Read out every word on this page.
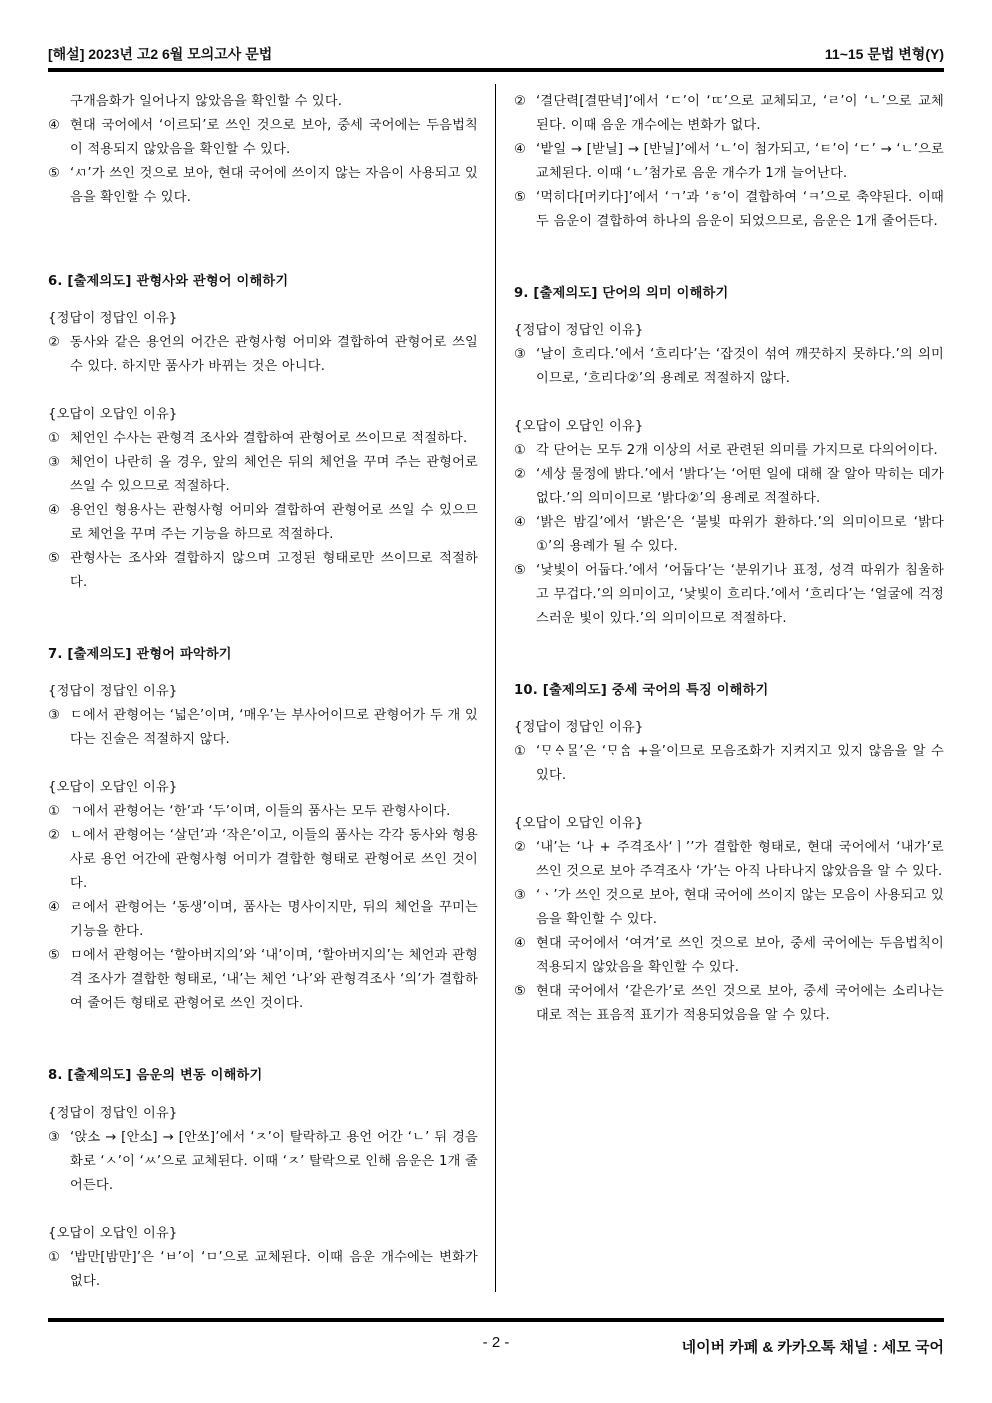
[해설] 2023년 고2 6월 모의고사 문법	11~15 문법 변형(Y)

구개음화가 일어나지 않았음을 확인할 수 있다.

④ 현대 국어에서 ‘이르되’로 쓰인 것으로 보아, 중세 국어에는 두음법칙이 적용되지 않았음을 확인할 수 있다.
⑤ ‘ㅺ’가 쓰인 것으로 보아, 현대 국어에 쓰이지 않는 자음이 사용되고 있음을 확인할 수 있다.

6. [출제의도] 관형사와 관형어 이해하기

{정답이 정답인 이유}

② 동사와 같은 용언의 어간은 관형사형 어미와 결합하여 관형어로 쓰일 수 있다. 하지만 품사가 바뀌는 것은 아니다.

{오답이 오답인 이유}

① 체언인 수사는 관형격 조사와 결합하여 관형어로 쓰이므로 적절하다.
③ 체언이 나란히 올 경우, 앞의 체언은 뒤의 체언을 꾸며 주는 관형어로 쓰일 수 있으므로 적절하다.
④ 용언인 형용사는 관형사형 어미와 결합하여 관형어로 쓰일 수 있으므로 체언을 꾸며 주는 기능을 하므로 적절하다.
⑤ 관형사는 조사와 결합하지 않으며 고정된 형태로만 쓰이므로 적절하다.

7. [출제의도] 관형어 파악하기

{정답이 정답인 이유}

③ ㄷ에서 관형어는 ‘넓은’이며, ‘매우’는 부사어이므로 관형어가 두 개 있다는 진술은 적절하지 않다.

{오답이 오답인 이유}

① ㄱ에서 관형어는 ‘한’과 ‘두’이며, 이들의 품사는 모두 관형사이다.
② ㄴ에서 관형어는 ‘살던’과 ‘작은’이고, 이들의 품사는 각각 동사와 형용사로 용언 어간에 관형사형 어미가 결합한 형태로 관형어로 쓰인 것이다.
④ ㄹ에서 관형어는 ‘동생’이며, 품사는 명사이지만, 뒤의 체언을 꾸미는 기능을 한다.
⑤ ㅁ에서 관형어는 ‘할아버지의’와 ‘내’이며, ‘할아버지의’는 체언과 관형격 조사가 결합한 형태로, ‘내’는 체언 ‘나’와 관형격조사 ‘의’가 결합하여 줄어든 형태로 관형어로 쓰인 것이다.

8. [출제의도] 음운의 변동 이해하기

{정답이 정답인 이유}

③ ‘앉소 → [안소] → [안쏘]’에서 ‘ㅈ’이 탈락하고 용언 어간 ‘ㄴ’ 뒤 경음화로 ‘ㅅ’이 ‘ㅆ’으로 교체된다. 이때 ‘ㅈ’ 탈락으로 인해 음운은 1개 줄어든다.

{오답이 오답인 이유}

① ‘밥만[밤만]’은 ‘ㅂ’이 ‘ㅁ’으로 교체된다. 이때 음운 개수에는 변화가 없다.
② ‘결단력[결딴녁]’에서 ‘ㄷ’이 ‘ㄸ’으로 교체되고, ‘ㄹ’이 ‘ㄴ’으로 교체된다. 이때 음운 개수에는 변화가 없다.
④ ‘밭일 → [받닐] → [반닐]’에서 ‘ㄴ’이 첨가되고, ‘ㅌ’이 ‘ㄷ’ → ‘ㄴ’으로 교체된다. 이때 ‘ㄴ’첨가로 음운 개수가 1개 늘어난다.
⑤ ‘먹히다[머키다]’에서 ‘ㄱ’과 ‘ㅎ’이 결합하여 ‘ㅋ’으로 축약된다. 이때 두 음운이 결합하여 하나의 음운이 되었으므로, 음운은 1개 줄어든다.

9. [출제의도] 단어의 의미 이해하기

{정답이 정답인 이유}

③ ‘날이 흐리다.’에서 ‘흐리다’는 ‘잡것이 섞여 깨끗하지 못하다.’의 의미이므로, ‘흐리다②’의 용례로 적절하지 않다.

{오답이 오답인 이유}

① 각 단어는 모두 2개 이상의 서로 관련된 의미를 가지므로 다의어이다.
② ‘세상 물정에 밝다.’에서 ‘밝다’는 ‘어떤 일에 대해 잘 알아 막히는 데가 없다.’의 의미이므로 ‘밝다②’의 용례로 적절하다.
④ ‘밝은 밤길’에서 ‘밝은’은 ‘불빛 따위가 환하다.’의 의미이므로 ‘밝다①’의 용례가 될 수 있다.
⑤ ‘낯빛이 어둡다.’에서 ‘어둡다’는 ‘분위기나 표정, 성격 따위가 침울하고 무겁다.’의 의미이고, ‘낯빛이 흐리다.’에서 ‘흐리다’는 ‘얼굴에 걱정스러운 빛이 있다.’의 의미이므로 적절하다.

10. [출제의도] 중세 국어의 특징 이해하기

{정답이 정답인 이유}

① ‘ᄆᆞᅀᆞᄆᆞᆯ’은 ‘ᄆᆞᅀᆞᆷ +을’이므로 모음조화가 지켜지고 있지 않음을 알 수 있다.

{오답이 오답인 이유}

② ‘내’는 ‘나 + 주격조사‘ㅣ’’가 결합한 형태로, 현대 국어에서 ‘내가’로 쓰인 것으로 보아 주격조사 ‘가’는 아직 나타나지 않았음을 알 수 있다.
③ ‘ㆍ’가 쓰인 것으로 보아, 현대 국어에 쓰이지 않는 모음이 사용되고 있음을 확인할 수 있다.
④ 현대 국어에서 ‘여겨’로 쓰인 것으로 보아, 중세 국어에는 두음법칙이 적용되지 않았음을 확인할 수 있다.
⑤ 현대 국어에서 ‘같은가’로 쓰인 것으로 보아, 중세 국어에는 소리나는 대로 적는 표음적 표기가 적용되었음을 알 수 있다.
- 2 -	네이버 카페 & 카카오톡 채널 : 세모 국어
